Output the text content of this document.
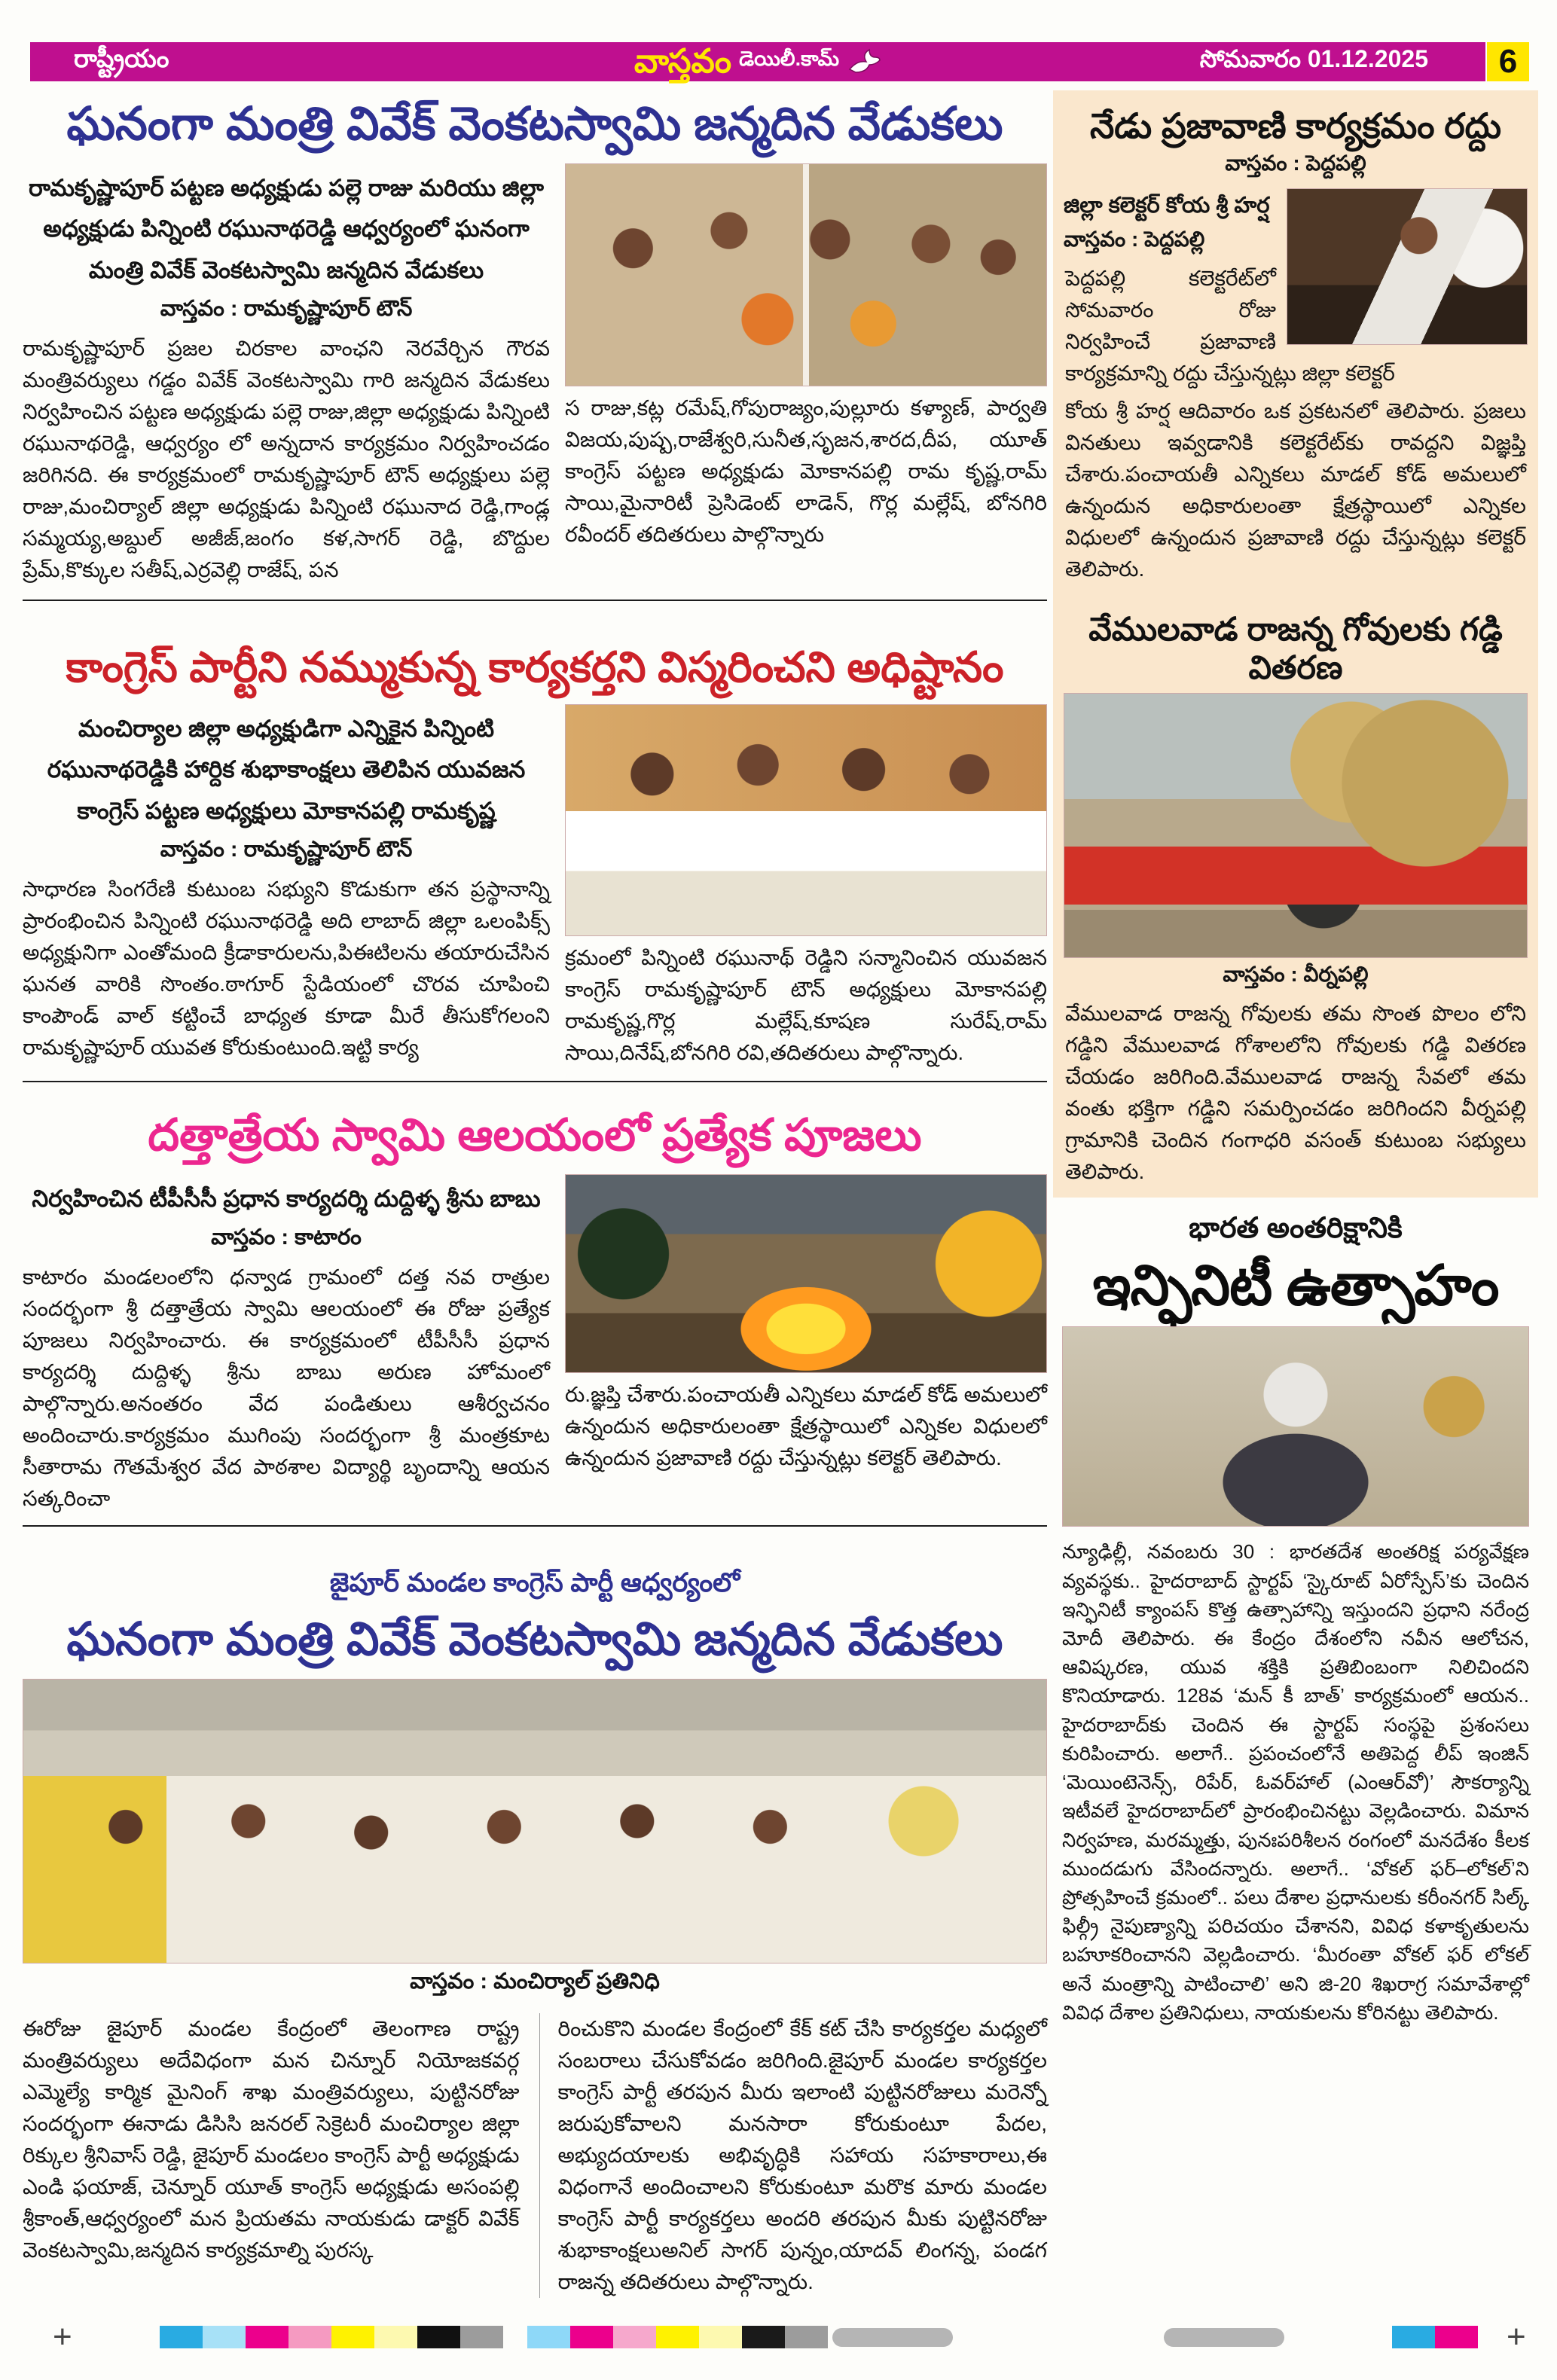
రాష్ట్రీయం	వాస్తవం డెయిలీ.కామ్	సోమవారం 01.12.2025	6
ఘనంగా మంత్రి వివేక్ వెంకటస్వామి జన్మదిన వేడుకలు

రామకృష్ణాపూర్ పట్టణ అధ్యక్షుడు పల్లె రాజు మరియు జిల్లా అధ్యక్షుడు పిన్నింటి రఘునాథరెడ్డి ఆధ్వర్యంలో ఘనంగా మంత్రి వివేక్ వెంకటస్వామి జన్మదిన వేడుకలు

వాస్తవం : రామకృష్ణాపూర్ టౌన్

రామకృష్ణాపూర్ ప్రజల చిరకాల వాంఛని నెరవేర్చిన గౌరవ మంత్రివర్యులు గడ్డం వివేక్ వెంకటస్వామి గారి జన్మదిన వేడుకలు నిర్వహించిన పట్టణ అధ్యక్షుడు పల్లె రాజు,జిల్లా అధ్యక్షుడు పిన్నింటి రఘునాథరెడ్డి, ఆధ్వర్యం లో అన్నదాన కార్యక్రమం నిర్వహించడం జరిగినది. ఈ కార్యక్రమంలో రామకృష్ణాపూర్ టౌన్ అధ్యక్షులు పల్లె రాజు,మంచిర్యాల్ జిల్లా అధ్యక్షుడు పిన్నింటి రఘునాద రెడ్డి,గాండ్ల సమ్మయ్య,అబ్దుల్ అజీజ్,జంగం కళ,సాగర్ రెడ్డి, బొద్దుల ప్రేమ్,కొక్కుల సతీష్,ఎర్రవెల్లి రాజేష్, పన

స రాజు,కట్ల రమేష్,గోపురాజ్యం,పుల్లూరు కళ్యాణ్, పార్వతి విజయ,పుష్ప,రాజేశ్వరి,సునీత,సృజన,శారద,దీప, యూత్ కాంగ్రెస్ పట్టణ అధ్యక్షుడు మోకానపల్లి రామ కృష్ణ,రామ్ సాయి,మైనారిటీ ప్రెసిడెంట్ లాడెన్, గొర్ల మల్లేష్, బోనగిరి రవీందర్ తదితరులు పాల్గొన్నారు

కాంగ్రెస్ పార్టీని నమ్ముకున్న కార్యకర్తని విస్మరించని అధిష్టానం

మంచిర్యాల జిల్లా అధ్యక్షుడిగా ఎన్నికైన పిన్నింటి రఘునాథరెడ్డికి హార్దిక శుభాకాంక్షలు తెలిపిన యువజన కాంగ్రెస్ పట్టణ అధ్యక్షులు మోకానపల్లి రామకృష్ణ

వాస్తవం : రామకృష్ణాపూర్ టౌన్

సాధారణ సింగరేణి కుటుంబ సభ్యుని కొడుకుగా తన ప్రస్థానాన్ని ప్రారంభించిన పిన్నింటి రఘునాథరెడ్డి అది లాబాద్ జిల్లా ఒలంపిక్స్ అధ్యక్షునిగా ఎంతోమంది క్రీడాకారులను,పిఈటిలను తయారుచేసిన ఘనత వారికి సొంతం.ఠాగూర్ స్టేడియంలో చొరవ చూపించి కాంపౌండ్ వాల్ కట్టించే బాధ్యత కూడా మీరే తీసుకోగలంని రామకృష్ణాపూర్ యువత కోరుకుంటుంది.ఇట్టి కార్య

క్రమంలో పిన్నింటి రఘునాథ్ రెడ్డిని సన్మానించిన యువజన కాంగ్రెస్ రామకృష్ణాపూర్ టౌన్ అధ్యక్షులు మోకానపల్లి రామకృష్ణ,గొర్ల మల్లేష్,కూషణ సురేష్,రామ్ సాయి,దినేష్,బోనగిరి రవి,తదితరులు పాల్గొన్నారు.

దత్తాత్రేయ స్వామి ఆలయంలో ప్రత్యేక పూజలు

నిర్వహించిన టీపీసీసీ ప్రధాన కార్యదర్శి దుద్దిళ్ళ శ్రీను బాబు

వాస్తవం : కాటారం

కాటారం మండలంలోని ధన్వాడ గ్రామంలో దత్త నవ రాత్రుల సందర్భంగా శ్రీ దత్తాత్రేయ స్వామి ఆలయంలో ఈ రోజు ప్రత్యేక పూజలు నిర్వహించారు. ఈ కార్యక్రమంలో టీపీసీసీ ప్రధాన కార్యదర్శి దుద్దిళ్ళ శ్రీను బాబు అరుణ హోమంలో పాల్గొన్నారు.అనంతరం వేద పండితులు ఆశీర్వచనం అందించారు.కార్యక్రమం ముగింపు సందర్భంగా శ్రీ మంత్రకూట సీతారామ గౌతమేశ్వర వేద పాఠశాల విద్యార్థి బృందాన్ని ఆయన సత్కరించా

రు.జ్ఞప్తి చేశారు.పంచాయతీ ఎన్నికలు మాడల్ కోడ్ అమలులో ఉన్నందున అధికారులంతా క్షేత్రస్థాయిలో ఎన్నికల విధులలో ఉన్నందున ప్రజావాణి రద్దు చేస్తున్నట్లు కలెక్టర్ తెలిపారు.

జైపూర్ మండల కాంగ్రెస్ పార్టీ ఆధ్వర్యంలో

ఘనంగా మంత్రి వివేక్ వెంకటస్వామి జన్మదిన వేడుకలు

వాస్తవం : మంచిర్యాల్ ప్రతినిధి

ఈరోజు జైపూర్ మండల కేంద్రంలో తెలంగాణ రాష్ట్ర మంత్రివర్యులు అదేవిధంగా మన చిన్నూర్ నియోజకవర్గ ఎమ్మెల్యే కార్మిక మైనింగ్ శాఖ మంత్రివర్యులు, పుట్టినరోజు సందర్భంగా ఈనాడు డిసిసి జనరల్ సెక్రెటరీ మంచిర్యాల జిల్లా రిక్కుల శ్రీనివాస్ రెడ్డి, జైపూర్ మండలం కాంగ్రెస్ పార్టీ అధ్యక్షుడు ఎండి ఫయాజ్, చెన్నూర్ యూత్ కాంగ్రెస్ అధ్యక్షుడు అసంపల్లి శ్రీకాంత్,ఆధ్వర్యంలో మన ప్రియతమ నాయకుడు డాక్టర్ వివేక్ వెంకటస్వామి,జన్మదిన కార్యక్రమాల్ని పురస్క

రించుకొని మండల కేంద్రంలో కేక్ కట్ చేసి కార్యకర్తల మధ్యలో సంబరాలు చేసుకోవడం జరిగింది.జైపూర్ మండల కార్యకర్తల కాంగ్రెస్ పార్టీ తరపున మీరు ఇలాంటి పుట్టినరోజులు మరెన్నో జరుపుకోవాలని మనసారా కోరుకుంటూ పేదల, అభ్యుదయాలకు అభివృద్ధికి సహాయ సహకారాలు,ఈ విధంగానే అందించాలని కోరుకుంటూ మరొక మారు మండల కాంగ్రెస్ పార్టీ కార్యకర్తలు అందరి తరపున మీకు పుట్టినరోజు శుభాకాంక్షలుఅనిల్ సాగర్ పున్నం,యాదవ్ లింగన్న, పండగ రాజన్న తదితరులు పాల్గొన్నారు.

నేడు ప్రజావాణి కార్యక్రమం రద్దు

వాస్తవం : పెద్దపల్లి

జిల్లా కలెక్టర్ కోయ శ్రీ హర్ష

వాస్తవం : పెద్దపల్లి

పెద్దపల్లి కలెక్టరేట్‌లో సోమవారం రోజు నిర్వహించే ప్రజావాణి కార్యక్రమాన్ని రద్దు చేస్తున్నట్లు జిల్లా కలెక్టర్

కోయ శ్రీ హర్ష ఆదివారం ఒక ప్రకటనలో తెలిపారు. ప్రజలు వినతులు ఇవ్వడానికి కలెక్టరేట్‌కు రావద్దని విజ్ఞప్తి చేశారు.పంచాయతీ ఎన్నికలు మాడల్ కోడ్ అమలులో ఉన్నందున అధికారులంతా క్షేత్రస్థాయిలో ఎన్నికల విధులలో ఉన్నందున ప్రజావాణి రద్దు చేస్తున్నట్లు కలెక్టర్ తెలిపారు.

వేములవాడ రాజన్న గోవులకు గడ్డి వితరణ

వాస్తవం : వీర్నపల్లి

వేములవాడ రాజన్న గోవులకు తమ సొంత పొలం లోని గడ్డిని వేములవాడ గోశాలలోని గోవులకు గడ్డి వితరణ చేయడం జరిగింది.వేములవాడ రాజన్న సేవలో తమ వంతు భక్తిగా గడ్డిని సమర్పించడం జరిగిందని వీర్నపల్లి గ్రామానికి చెందిన గంగాధరి వసంత్ కుటుంబ సభ్యులు తెలిపారు.

భారత అంతరిక్షానికి

ఇన్ఫినిటీ ఉత్సాహం

న్యూఢిల్లీ, నవంబరు 30 : భారతదేశ అంతరిక్ష పర్యవేక్షణ వ్యవస్థకు.. హైదరాబాద్ స్టార్టప్ ‘స్కైరూట్ ఏరోస్పేస్’కు చెందిన ఇన్ఫినిటీ క్యాంపస్ కొత్త ఉత్సాహాన్ని ఇస్తుందని ప్రధాని నరేంద్ర మోదీ తెలిపారు. ఈ కేంద్రం దేశంలోని నవీన ఆలోచన, ఆవిష్కరణ, యువ శక్తికి ప్రతిబింబంగా నిలిచిందని కొనియాడారు. 128వ ‘మన్ కీ బాత్’ కార్యక్రమంలో ఆయన.. హైదరాబాద్‌కు చెందిన ఈ స్టార్టప్ సంస్థపై ప్రశంసలు కురిపించారు. అలాగే.. ప్రపంచంలోనే అతిపెద్ద లీప్ ఇంజిన్ ‘మెయింటెనెన్స్, రిపేర్, ఓవర్‌హాల్ (ఎంఆర్‌వో)’ సౌకర్యాన్ని ఇటీవలే హైదరాబాద్‌లో ప్రారంభించినట్టు వెల్లడించారు. విమాన నిర్వహణ, మరమ్మత్తు, పునఃపరిశీలన రంగంలో మనదేశం కీలక ముందడుగు వేసిందన్నారు. అలాగే.. ‘వోకల్ ఫర్–లోకల్’ని ప్రోత్సహించే క్రమంలో.. పలు దేశాల ప్రధానులకు కరీంనగర్ సిల్క్ ఫిల్గ్రీ నైపుణ్యాన్ని పరిచయం చేశానని, వివిధ కళాకృతులను బహూకరించానని వెల్లడించారు. ‘మీరంతా వోకల్ ఫర్ లోకల్ అనే మంత్రాన్ని పాటించాలి’ అని జి-20 శిఖరాగ్ర సమావేశాల్లో వివిధ దేశాల ప్రతినిధులు, నాయకులను కోరినట్టు తెలిపారు.

+	+
